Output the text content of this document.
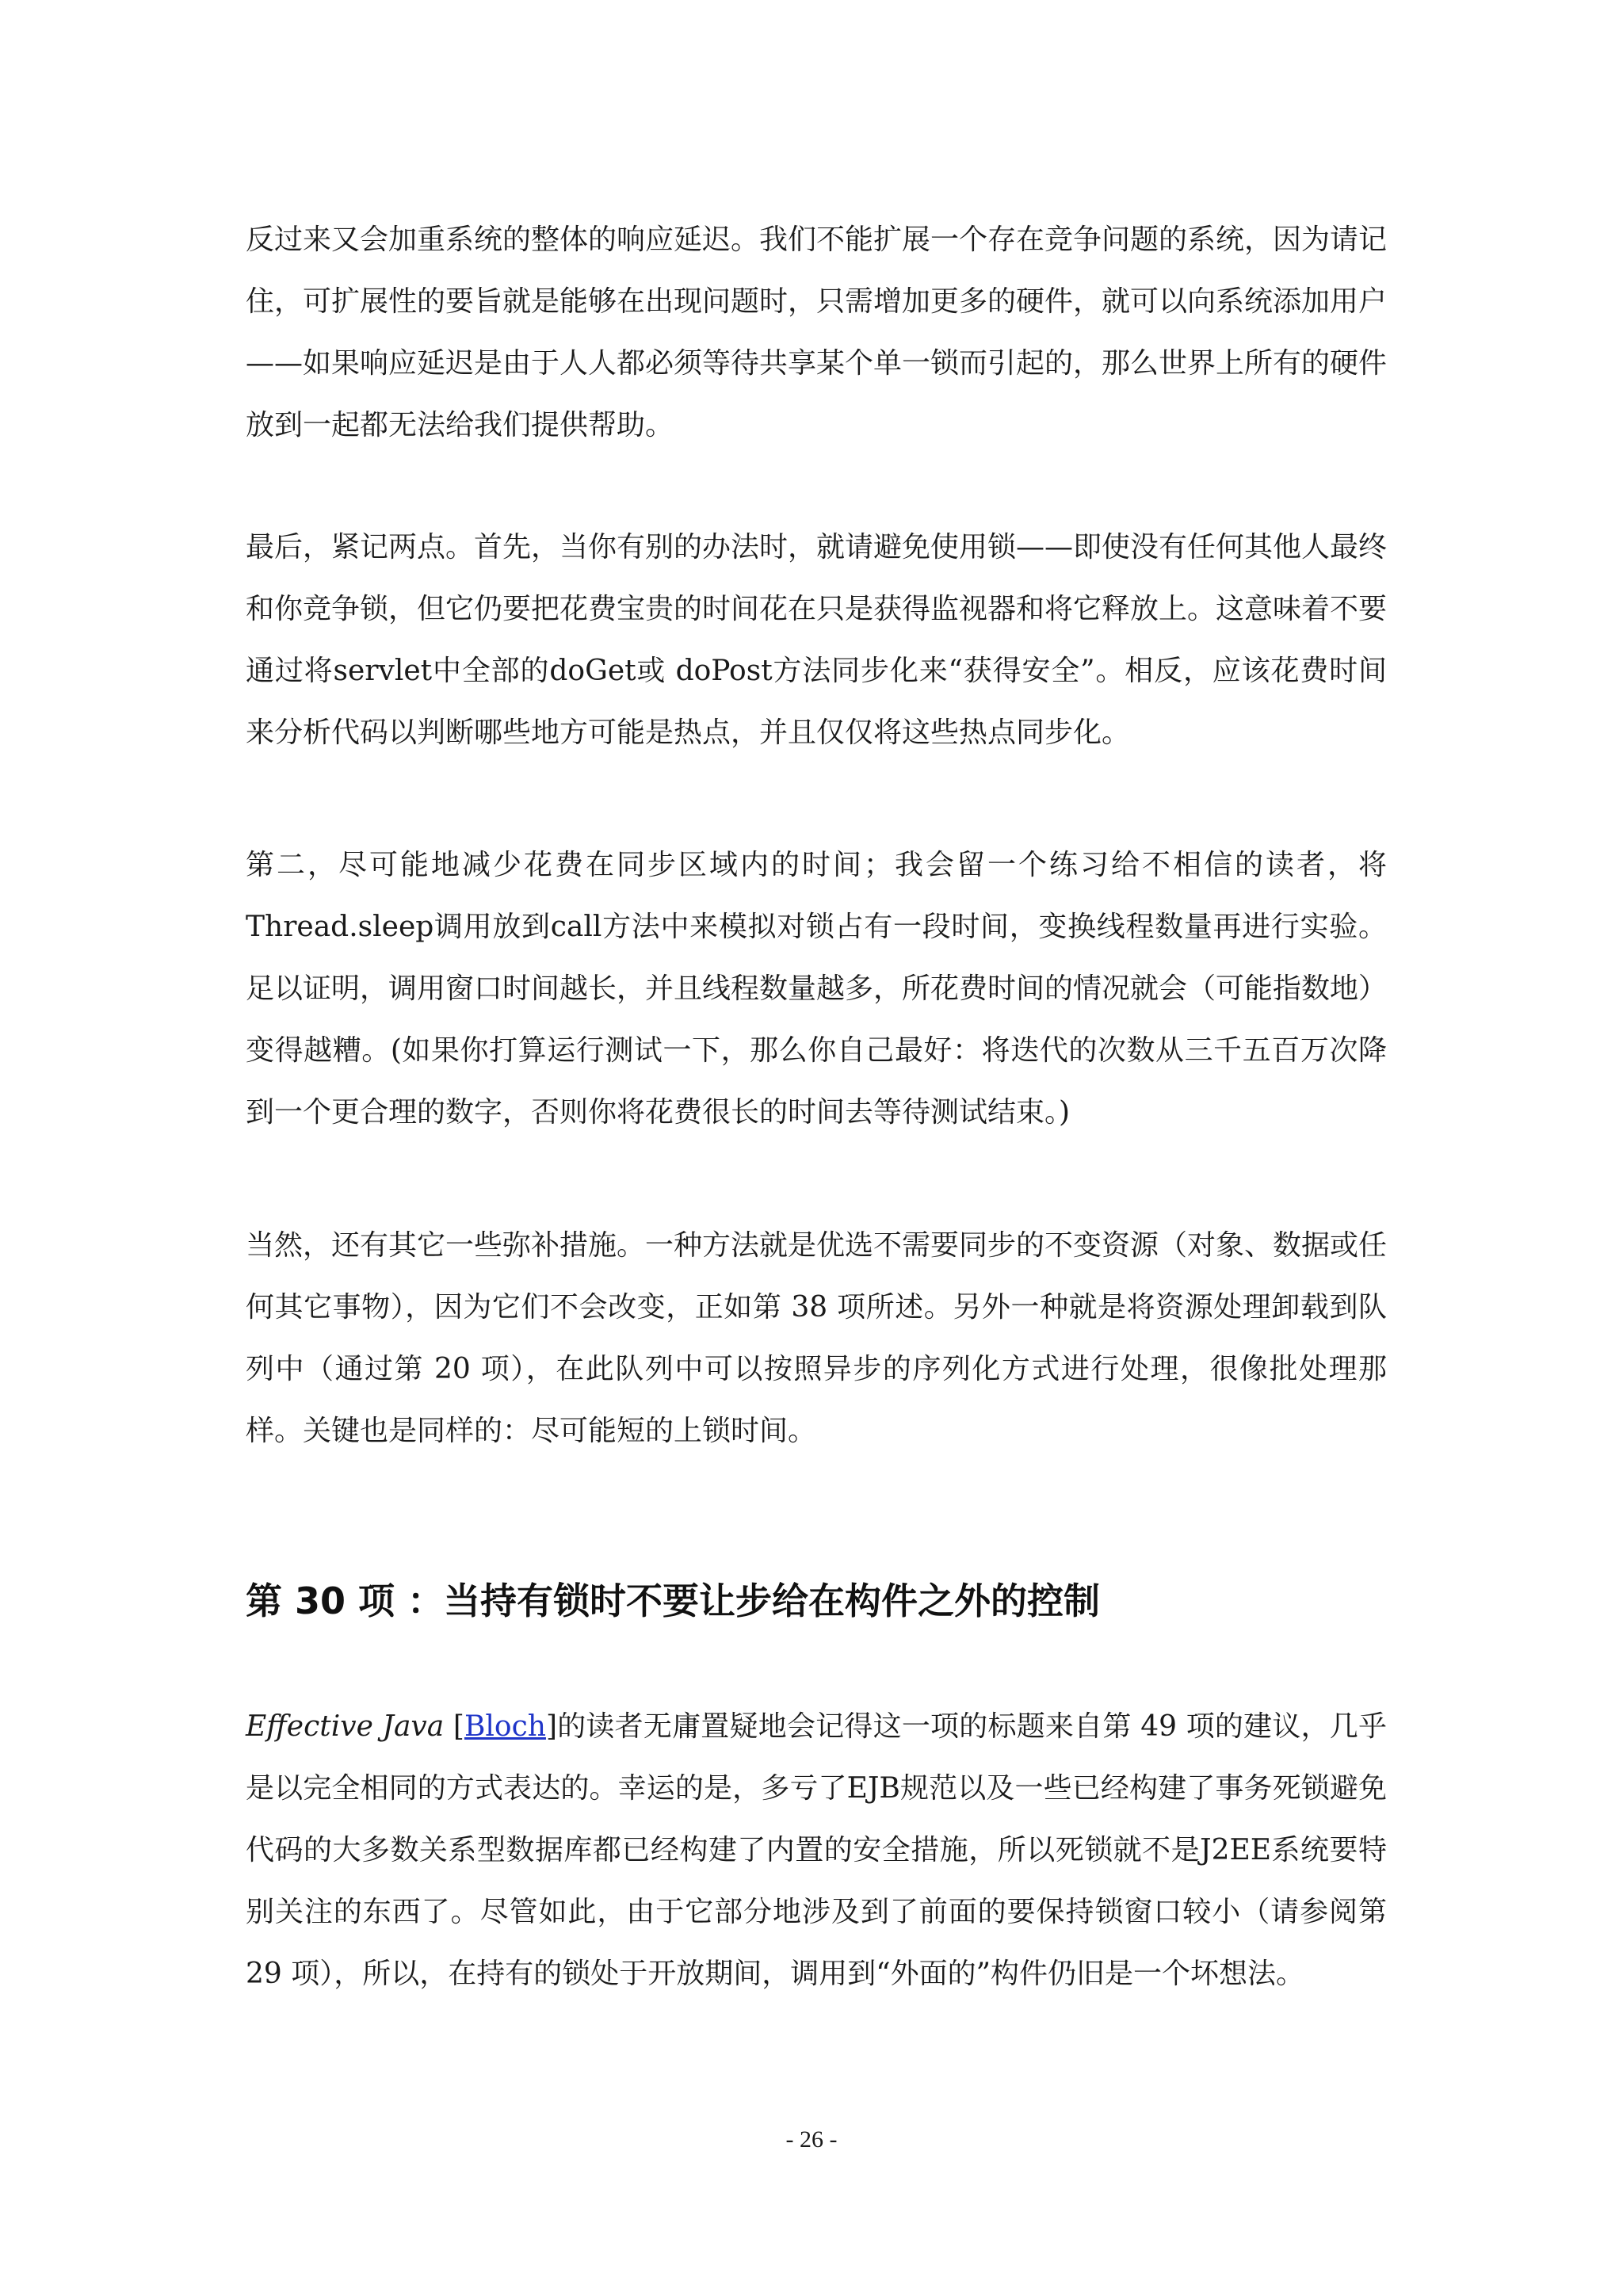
反过来又会加重系统的整体的响应延迟。我们不能扩展一个存在竞争问题的系统，因为请记住，可扩展性的要旨就是能够在出现问题时，只需增加更多的硬件，就可以向系统添加用户——如果响应延迟是由于人人都必须等待共享某个单一锁而引起的，那么世界上所有的硬件放到一起都无法给我们提供帮助。

最后，紧记两点。首先，当你有别的办法时，就请避免使用锁——即使没有任何其他人最终和你竞争锁，但它仍要把花费宝贵的时间花在只是获得监视器和将它释放上。这意味着不要通过将servlet中全部的doGet或 doPost方法同步化来“获得安全”。相反，应该花费时间来分析代码以判断哪些地方可能是热点，并且仅仅将这些热点同步化。

第二，尽可能地减少花费在同步区域内的时间；我会留一个练习给不相信的读者，将Thread.sleep调用放到call方法中来模拟对锁占有一段时间，变换线程数量再进行实验。足以证明，调用窗口时间越长，并且线程数量越多，所花费时间的情况就会（可能指数地）变得越糟。(如果你打算运行测试一下，那么你自己最好：将迭代的次数从三千五百万次降到一个更合理的数字，否则你将花费很长的时间去等待测试结束。)

当然，还有其它一些弥补措施。一种方法就是优选不需要同步的不变资源（对象、数据或任何其它事物），因为它们不会改变，正如第 38 项所述。另外一种就是将资源处理卸载到队列中（通过第 20 项），在此队列中可以按照异步的序列化方式进行处理，很像批处理那样。关键也是同样的：尽可能短的上锁时间。

第 30 项 ：当持有锁时不要让步给在构件之外的控制

Effective Java [Bloch]的读者无庸置疑地会记得这一项的标题来自第 49 项的建议，几乎是以完全相同的方式表达的。幸运的是，多亏了EJB规范以及一些已经构建了事务死锁避免代码的大多数关系型数据库都已经构建了内置的安全措施，所以死锁就不是J2EE系统要特别关注的东西了。尽管如此，由于它部分地涉及到了前面的要保持锁窗口较小（请参阅第 29 项），所以，在持有的锁处于开放期间，调用到“外面的”构件仍旧是一个坏想法。

- 26 -
